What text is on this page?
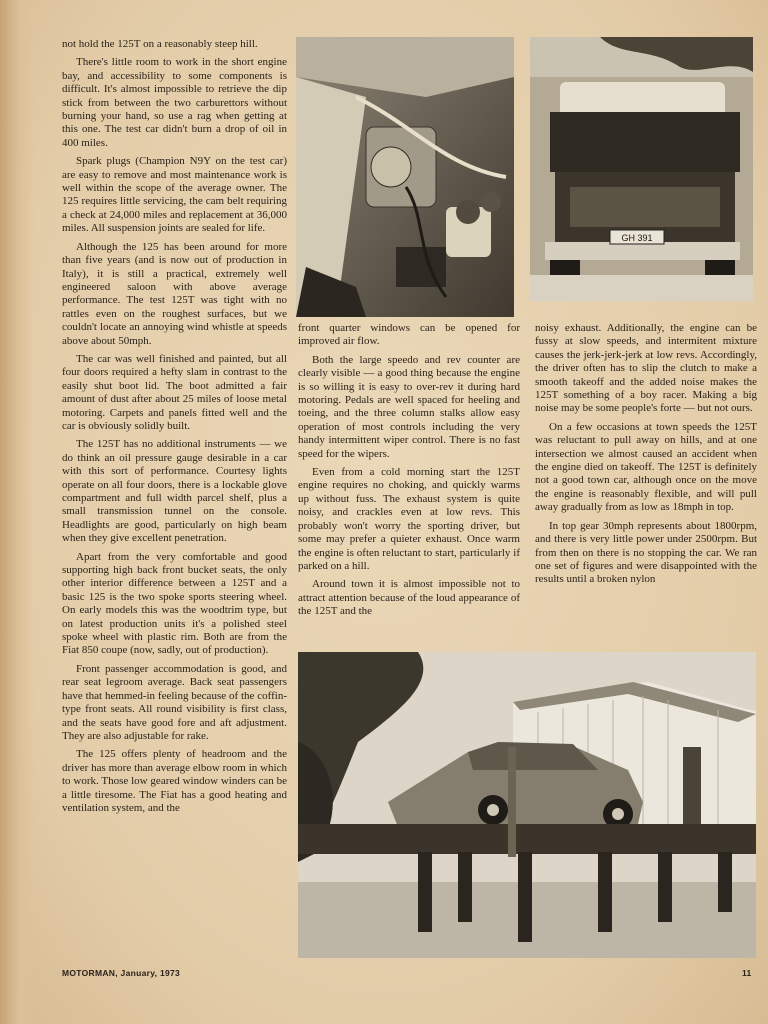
not hold the 125T on a reasonably steep hill.

There's little room to work in the short engine bay, and accessibility to some components is difficult. It's almost impossible to retrieve the dip stick from between the two carburettors without burning your hand, so use a rag when getting at this one. The test car didn't burn a drop of oil in 400 miles.

Spark plugs (Champion N9Y on the test car) are easy to remove and most maintenance work is well within the scope of the average owner. The 125 requires little servicing, the cam belt requiring a check at 24,000 miles and replacement at 36,000 miles. All suspension joints are sealed for life.

Although the 125 has been around for more than five years (and is now out of production in Italy), it is still a practical, extremely well engineered saloon with above average performance. The test 125T was tight with no rattles even on the roughest surfaces, but we couldn't locate an annoying wind whistle at speeds above about 50mph.

The car was well finished and painted, but all four doors required a hefty slam in contrast to the easily shut boot lid. The boot admitted a fair amount of dust after about 25 miles of loose metal motoring. Carpets and panels fitted well and the car is obviously solidly built.

The 125T has no additional instruments — we do think an oil pressure gauge desirable in a car with this sort of performance. Courtesy lights operate on all four doors, there is a lockable glove compartment and full width parcel shelf, plus a small transmission tunnel on the console. Headlights are good, particularly on high beam when they give excellent penetration.

Apart from the very comfortable and good supporting high back front bucket seats, the only other interior difference between a 125T and a basic 125 is the two spoke sports steering wheel. On early models this was the woodtrim type, but on latest production units it's a polished steel spoke wheel with plastic rim. Both are from the Fiat 850 coupe (now, sadly, out of production).

Front passenger accommodation is good, and rear seat legroom average. Back seat passengers have that hemmed-in feeling because of the coffin-type front seats. All round visibility is first class, and the seats have good fore and aft adjustment. They are also adjustable for rake.

The 125 offers plenty of headroom and the driver has more than average elbow room in which to work. Those low geared window winders can be a little tiresome. The Fiat has a good heating and ventilation system, and the

GH 391

front quarter windows can be opened for improved air flow.

Both the large speedo and rev counter are clearly visible — a good thing because the engine is so willing it is easy to over-rev it during hard motoring. Pedals are well spaced for heeling and toeing, and the three column stalks allow easy operation of most controls including the very handy intermittent wiper control. There is no fast speed for the wipers.

Even from a cold morning start the 125T engine requires no choking, and quickly warms up without fuss. The exhaust system is quite noisy, and crackles even at low revs. This probably won't worry the sporting driver, but some may prefer a quieter exhaust. Once warm the engine is often reluctant to start, particularly if parked on a hill.

Around town it is almost impossible not to attract attention because of the loud appearance of the 125T and the

noisy exhaust. Additionally, the engine can be fussy at slow speeds, and intermitent mixture causes the jerk-jerk-jerk at low revs. Accordingly, the driver often has to slip the clutch to make a smooth takeoff and the added noise makes the 125T something of a boy racer. Making a big noise may be some people's forte — but not ours.

On a few occasions at town speeds the 125T was reluctant to pull away on hills, and at one intersection we almost caused an accident when the engine died on takeoff. The 125T is definitely not a good town car, although once on the move the engine is reasonably flexible, and will pull away gradually from as low as 18mph in top.

In top gear 30mph represents about 1800rpm, and there is very little power under 2500rpm. But from then on there is no stopping the car. We ran one set of figures and were disappointed with the results until a broken nylon

MOTORMAN, January, 1973	11
